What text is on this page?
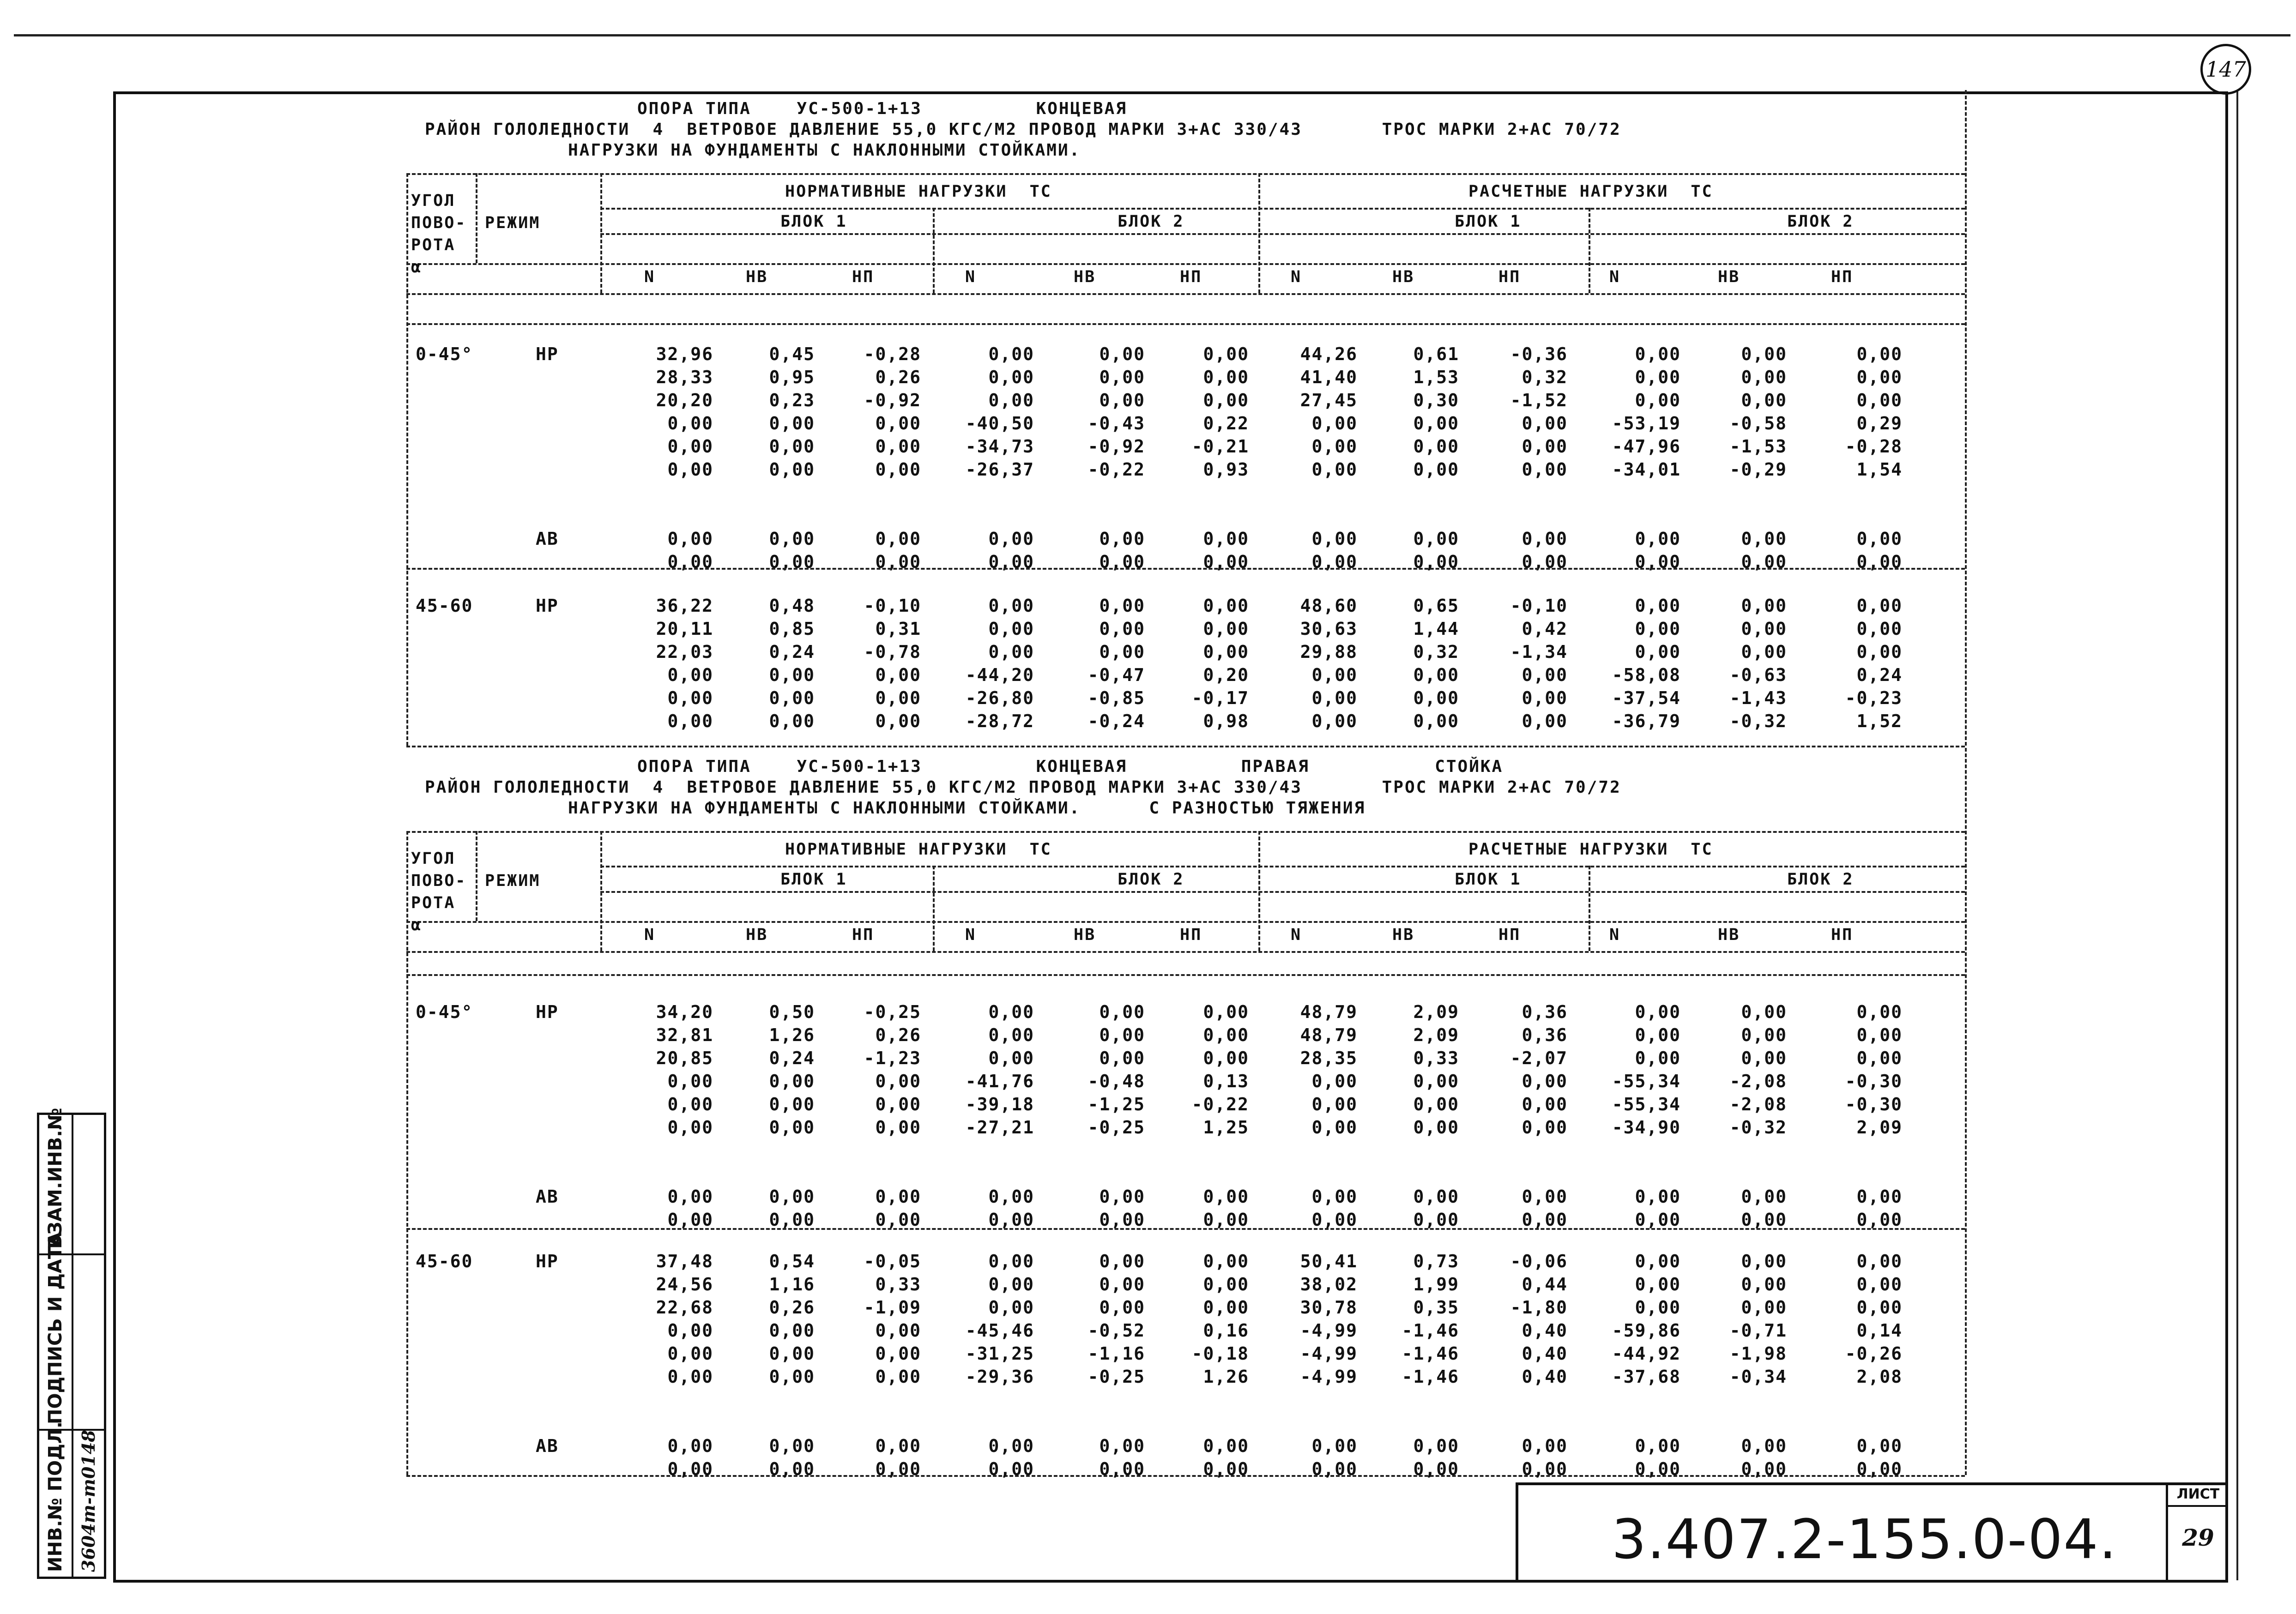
147
ОПОРА ТИПА    УС-500-1+13          КОНЦЕВАЯ
РАЙОН ГОЛОЛЕДНОСТИ  4  ВЕТРОВОЕ ДАВЛЕНИЕ 55,0 КГС/М2 ПРОВОД МАРКИ 3+АС 330/43       ТРОС МАРКИ 2+АС 70/72
НАГРУЗКИ НА ФУНДАМЕНТЫ С НАКЛОННЫМИ СТОЙКАМИ.
НОРМАТИВНЫЕ НАГРУЗКИ  ТС	РАСЧЕТНЫЕ НАГРУЗКИ  ТС
БЛОК 1	БЛОК 2	БЛОК 1	БЛОК 2
УГОЛ
ПОВО-
РОТА
α
РЕЖИМ
N	HB	HП	N	HB	HП	N	HB	HП	N	HB	HП
0-45°	НР	32,96	0,45	-0,28	0,00	0,00	0,00	44,26	0,61	-0,36	0,00	0,00	0,00
28,33	0,95	0,26	0,00	0,00	0,00	41,40	1,53	0,32	0,00	0,00	0,00
20,20	0,23	-0,92	0,00	0,00	0,00	27,45	0,30	-1,52	0,00	0,00	0,00
0,00	0,00	0,00	-40,50	-0,43	0,22	0,00	0,00	0,00	-53,19	-0,58	0,29
0,00	0,00	0,00	-34,73	-0,92	-0,21	0,00	0,00	0,00	-47,96	-1,53	-0,28
0,00	0,00	0,00	-26,37	-0,22	0,93	0,00	0,00	0,00	-34,01	-0,29	1,54
АВ	0,00	0,00	0,00	0,00	0,00	0,00	0,00	0,00	0,00	0,00	0,00	0,00
0,00	0,00	0,00	0,00	0,00	0,00	0,00	0,00	0,00	0,00	0,00	0,00
45-60	НР	36,22	0,48	-0,10	0,00	0,00	0,00	48,60	0,65	-0,10	0,00	0,00	0,00
20,11	0,85	0,31	0,00	0,00	0,00	30,63	1,44	0,42	0,00	0,00	0,00
22,03	0,24	-0,78	0,00	0,00	0,00	29,88	0,32	-1,34	0,00	0,00	0,00
0,00	0,00	0,00	-44,20	-0,47	0,20	0,00	0,00	0,00	-58,08	-0,63	0,24
0,00	0,00	0,00	-26,80	-0,85	-0,17	0,00	0,00	0,00	-37,54	-1,43	-0,23
0,00	0,00	0,00	-28,72	-0,24	0,98	0,00	0,00	0,00	-36,79	-0,32	1,52
ОПОРА ТИПА    УС-500-1+13          КОНЦЕВАЯ          ПРАВАЯ           СТОЙКА
РАЙОН ГОЛОЛЕДНОСТИ  4  ВЕТРОВОЕ ДАВЛЕНИЕ 55,0 КГС/М2 ПРОВОД МАРКИ 3+АС 330/43       ТРОС МАРКИ 2+АС 70/72
НАГРУЗКИ НА ФУНДАМЕНТЫ С НАКЛОННЫМИ СТОЙКАМИ.      С РАЗНОСТЬЮ ТЯЖЕНИЯ
НОРМАТИВНЫЕ НАГРУЗКИ  ТС	РАСЧЕТНЫЕ НАГРУЗКИ  ТС
БЛОК 1	БЛОК 2	БЛОК 1	БЛОК 2
УГОЛ
ПОВО-
РОТА
α
РЕЖИМ
N	HB	HП	N	HB	HП	N	HB	HП	N	HB	HП
0-45°	НР	34,20	0,50	-0,25	0,00	0,00	0,00	48,79	2,09	0,36	0,00	0,00	0,00
32,81	1,26	0,26	0,00	0,00	0,00	48,79	2,09	0,36	0,00	0,00	0,00
20,85	0,24	-1,23	0,00	0,00	0,00	28,35	0,33	-2,07	0,00	0,00	0,00
0,00	0,00	0,00	-41,76	-0,48	0,13	0,00	0,00	0,00	-55,34	-2,08	-0,30
0,00	0,00	0,00	-39,18	-1,25	-0,22	0,00	0,00	0,00	-55,34	-2,08	-0,30
0,00	0,00	0,00	-27,21	-0,25	1,25	0,00	0,00	0,00	-34,90	-0,32	2,09
АВ	0,00	0,00	0,00	0,00	0,00	0,00	0,00	0,00	0,00	0,00	0,00	0,00
0,00	0,00	0,00	0,00	0,00	0,00	0,00	0,00	0,00	0,00	0,00	0,00
45-60	НР	37,48	0,54	-0,05	0,00	0,00	0,00	50,41	0,73	-0,06	0,00	0,00	0,00
24,56	1,16	0,33	0,00	0,00	0,00	38,02	1,99	0,44	0,00	0,00	0,00
22,68	0,26	-1,09	0,00	0,00	0,00	30,78	0,35	-1,80	0,00	0,00	0,00
0,00	0,00	0,00	-45,46	-0,52	0,16	-4,99	-1,46	0,40	-59,86	-0,71	0,14
0,00	0,00	0,00	-31,25	-1,16	-0,18	-4,99	-1,46	0,40	-44,92	-1,98	-0,26
0,00	0,00	0,00	-29,36	-0,25	1,26	-4,99	-1,46	0,40	-37,68	-0,34	2,08
АВ	0,00	0,00	0,00	0,00	0,00	0,00	0,00	0,00	0,00	0,00	0,00	0,00
0,00	0,00	0,00	0,00	0,00	0,00	0,00	0,00	0,00	0,00	0,00	0,00
ИНВ.№ ПОДЛ.
ПОДПИСЬ И ДАТА
ВЗАМ.ИНВ.№
3604т-т0148	3.407.2-155.0-04.
ЛИСТ
29
